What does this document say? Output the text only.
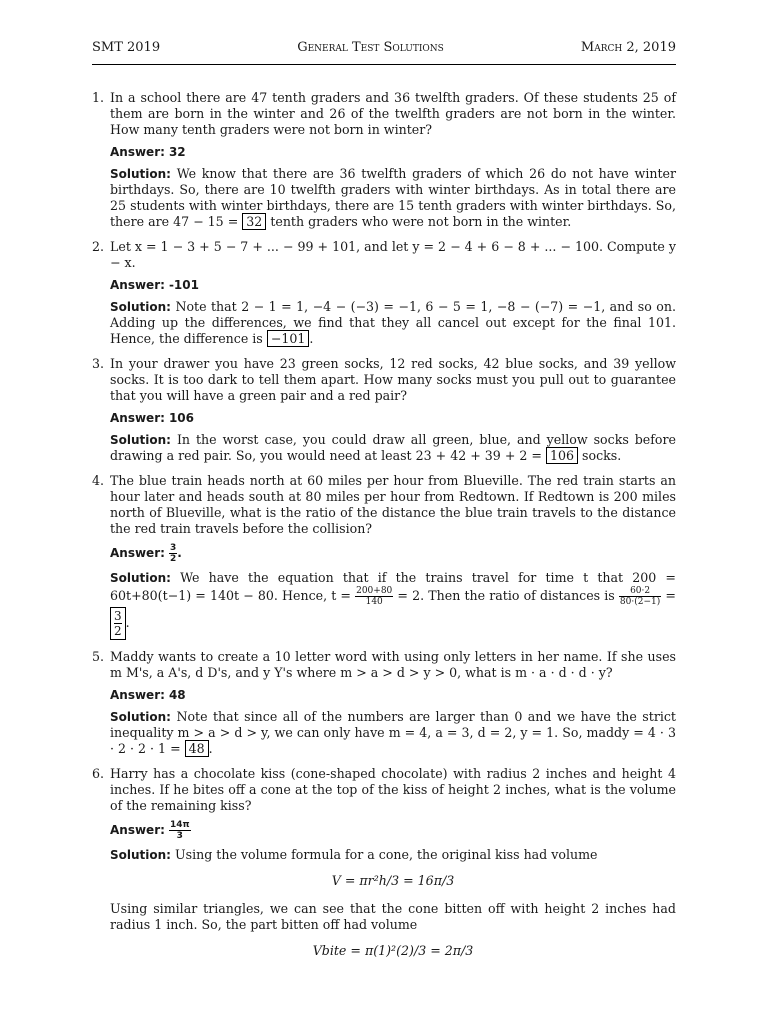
SMT 2019	General Test Solutions	March 2, 2019
1. In a school there are 47 tenth graders and 36 twelfth graders. Of these students 25 of them are born in the winter and 26 of the twelfth graders are not born in the winter. How many tenth graders were not born in winter?

Answer: 32

Solution: We know that there are 36 twelfth graders of which 26 do not have winter birthdays. So, there are 10 twelfth graders with winter birthdays. As in total there are 25 students with winter birthdays, there are 15 tenth graders with winter birthdays. So, there are 47 − 15 = 32 tenth graders who were not born in the winter.

2. Let x = 1 − 3 + 5 − 7 + ... − 99 + 101, and let y = 2 − 4 + 6 − 8 + ... − 100. Compute y − x.

Answer: -101

Solution: Note that 2 − 1 = 1, −4 − (−3) = −1, 6 − 5 = 1, −8 − (−7) = −1, and so on. Adding up the differences, we find that they all cancel out except for the final 101. Hence, the difference is −101 .

3. In your drawer you have 23 green socks, 12 red socks, 42 blue socks, and 39 yellow socks. It is too dark to tell them apart. How many socks must you pull out to guarantee that you will have a green pair and a red pair?

Answer: 106

Solution: In the worst case, you could draw all green, blue, and yellow socks before drawing a red pair. So, you would need at least 23 + 42 + 39 + 2 = 106 socks.

4. The blue train heads north at 60 miles per hour from Blueville. The red train starts an hour later and heads south at 80 miles per hour from Redtown. If Redtown is 200 miles north of Blueville, what is the ratio of the distance the blue train travels to the distance the red train travels before the collision?

Answer: $\frac{3}{2}$ .

Solution: We have the equation that if the trains travel for time t that 200 = 60t+80(t−1) = 140t − 80. Hence, $t = \frac{200+80}{140} = 2$. Then the ratio of distances is $\frac{60\cdot 2}{80\cdot(2-1)}$ =
$\frac{3}{2}$.

5. Maddy wants to create a 10 letter word with using only letters in her name. If she uses m M's, a A's, d D's, and y Y's where m > a > d > y > 0, what is m · a · d · d · y?

Answer: 48

Solution: Note that since all of the numbers are larger than 0 and we have the strict inequality m > a > d > y, we can only have m = 4, a = 3, d = 2, y = 1. So, maddy = 4 · 3 · 2 · 2 · 1 = 48 .

6. Harry has a chocolate kiss (cone-shaped chocolate) with radius 2 inches and height 4 inches. If he bites off a cone at the top of the kiss of height 2 inches, what is the volume of the remaining kiss?

Answer: $\frac{14\pi}{3}$

Solution: Using the volume formula for a cone, the original kiss had volume

V = πr²h/3 = 16π/3

Using similar triangles, we can see that the cone bitten off with height 2 inches had radius 1 inch. So, the part bitten off had volume

Vbite = π(1)²(2)/3 = 2π/3
